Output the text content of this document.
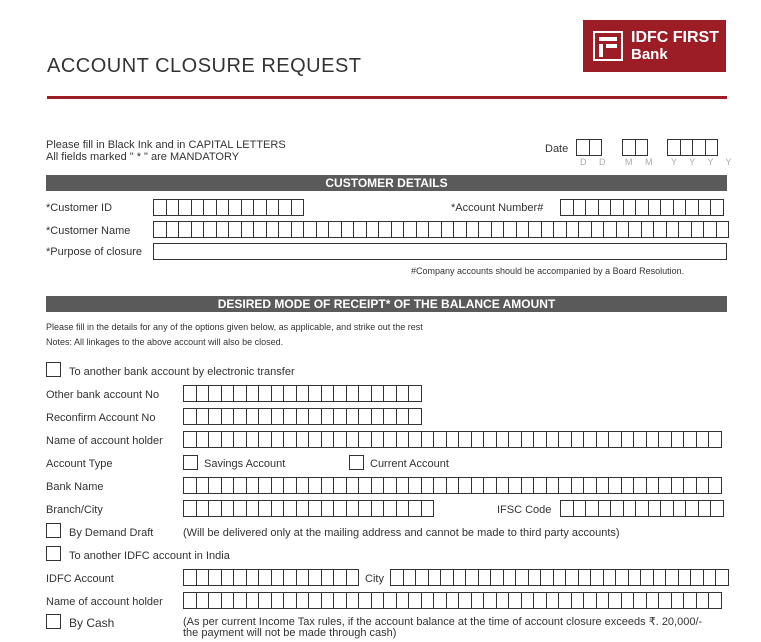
ACCOUNT CLOSURE REQUEST
IDFC FIRST
Bank
Please fill in Black Ink and in CAPITAL LETTERS
All fields marked " * " are MANDATORY
Date
D D M M Y Y Y Y
CUSTOMER DETAILS
*Customer ID	*Account Number#
*Customer Name
*Purpose of closure
#Company accounts should be accompanied by a Board Resolution.
DESIRED MODE OF RECEIPT* OF THE BALANCE AMOUNT
Please fill in the details for any of the options given below, as applicable, and strike out the rest
Notes: All linkages to the above account will also be closed.
To another bank account by electronic transfer
Other bank account No
Reconfirm Account No
Name of account holder
Account Type	Savings Account	Current Account
Bank Name
Branch/City	IFSC Code
By Demand Draft	(Will be delivered only at the mailing address and cannot be made to third party accounts)
To another IDFC account in India
IDFC Account	City
Name of account holder
By Cash	(As per current Income Tax rules, if the account balance at the time of account closure exceeds ₹. 20,000/-
the payment will not be made through cash)
